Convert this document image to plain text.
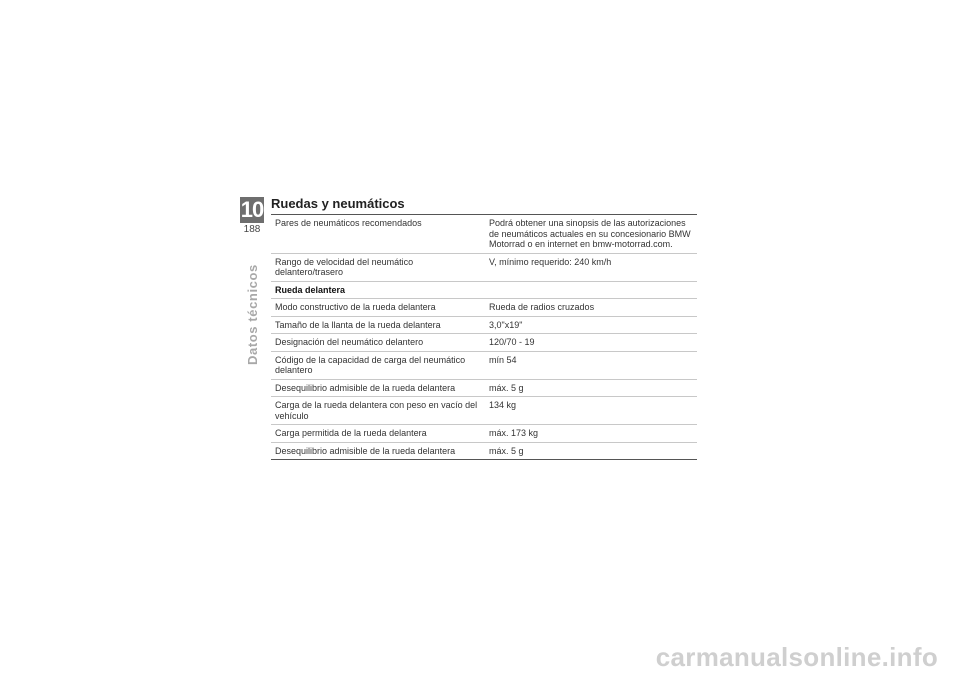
10
188
Datos técnicos
Ruedas y neumáticos
Pares de neumáticos recomendados	Podrá obtener una sinopsis de las autorizaciones de neumáticos actuales en su concesionario BMW Motorrad o en internet en bmw-motorrad.com.
Rango de velocidad del neumático delantero/trasero	V, mínimo requerido: 240 km/h
Rueda delantera	
Modo constructivo de la rueda delantera	Rueda de radios cruzados
Tamaño de la llanta de la rueda delantera	3,0"x19"
Designación del neumático delantero	120/70 - 19
Código de la capacidad de carga del neumático delantero	mín 54
Desequilibrio admisible de la rueda delantera	máx. 5 g
Carga de la rueda delantera con peso en vacío del vehículo	134 kg
Carga permitida de la rueda delantera	máx. 173 kg
Desequilibrio admisible de la rueda delantera	máx. 5 g
carmanualsonline.info
